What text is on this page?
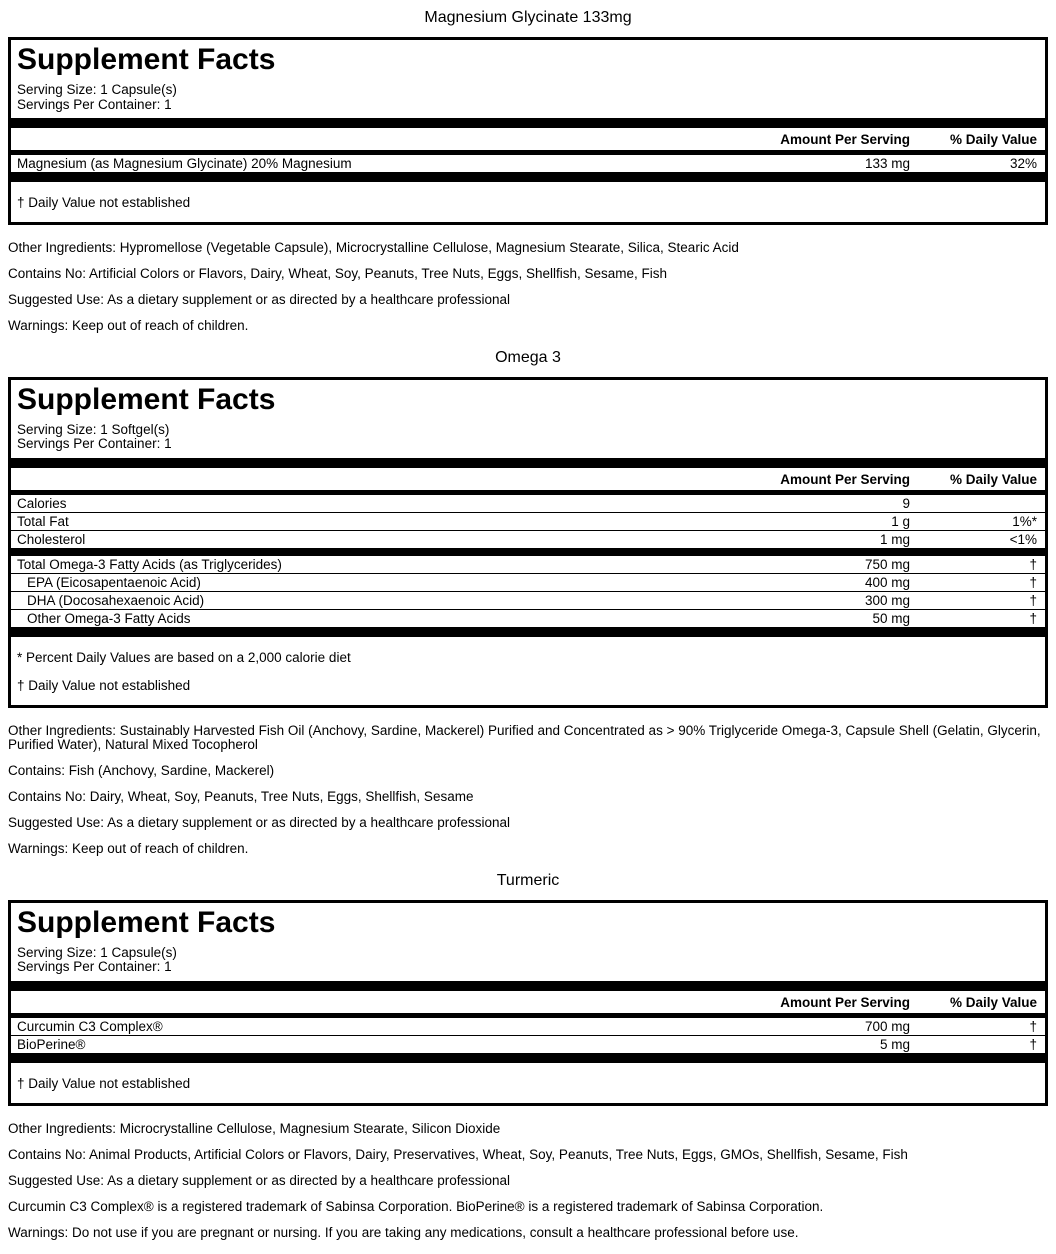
Magnesium Glycinate 133mg
Supplement Facts
Serving Size: 1 Capsule(s)
Servings Per Container: 1
Amount Per Serving	% Daily Value
Magnesium (as Magnesium Glycinate) 20% Magnesium	133 mg	32%
† Daily Value not established

Other Ingredients: Hypromellose (Vegetable Capsule), Microcrystalline Cellulose, Magnesium Stearate, Silica, Stearic Acid

Contains No: Artificial Colors or Flavors, Dairy, Wheat, Soy, Peanuts, Tree Nuts, Eggs, Shellfish, Sesame, Fish

Suggested Use: As a dietary supplement or as directed by a healthcare professional

Warnings: Keep out of reach of children.

Omega 3
Supplement Facts
Serving Size: 1 Softgel(s)
Servings Per Container: 1
Amount Per Serving	% Daily Value
Calories	9
Total Fat	1 g	1%*
Cholesterol	1 mg	<1%
Total Omega-3 Fatty Acids (as Triglycerides)	750 mg	†
EPA (Eicosapentaenoic Acid)	400 mg	†
DHA (Docosahexaenoic Acid)	300 mg	†
Other Omega-3 Fatty Acids	50 mg	†
* Percent Daily Values are based on a 2,000 calorie diet
† Daily Value not established

Other Ingredients: Sustainably Harvested Fish Oil (Anchovy, Sardine, Mackerel) Purified and Concentrated as > 90% Triglyceride Omega-3, Capsule Shell (Gelatin, Glycerin, Purified Water), Natural Mixed Tocopherol

Contains: Fish (Anchovy, Sardine, Mackerel)

Contains No: Dairy, Wheat, Soy, Peanuts, Tree Nuts, Eggs, Shellfish, Sesame

Suggested Use: As a dietary supplement or as directed by a healthcare professional

Warnings: Keep out of reach of children.

Turmeric
Supplement Facts
Serving Size: 1 Capsule(s)
Servings Per Container: 1
Amount Per Serving	% Daily Value
Curcumin C3 Complex®	700 mg	†
BioPerine®	5 mg	†
† Daily Value not established

Other Ingredients: Microcrystalline Cellulose, Magnesium Stearate, Silicon Dioxide

Contains No: Animal Products, Artificial Colors or Flavors, Dairy, Preservatives, Wheat, Soy, Peanuts, Tree Nuts, Eggs, GMOs, Shellfish, Sesame, Fish

Suggested Use: As a dietary supplement or as directed by a healthcare professional

Curcumin C3 Complex® is a registered trademark of Sabinsa Corporation. BioPerine® is a registered trademark of Sabinsa Corporation.

Warnings: Do not use if you are pregnant or nursing. If you are taking any medications, consult a healthcare professional before use.
